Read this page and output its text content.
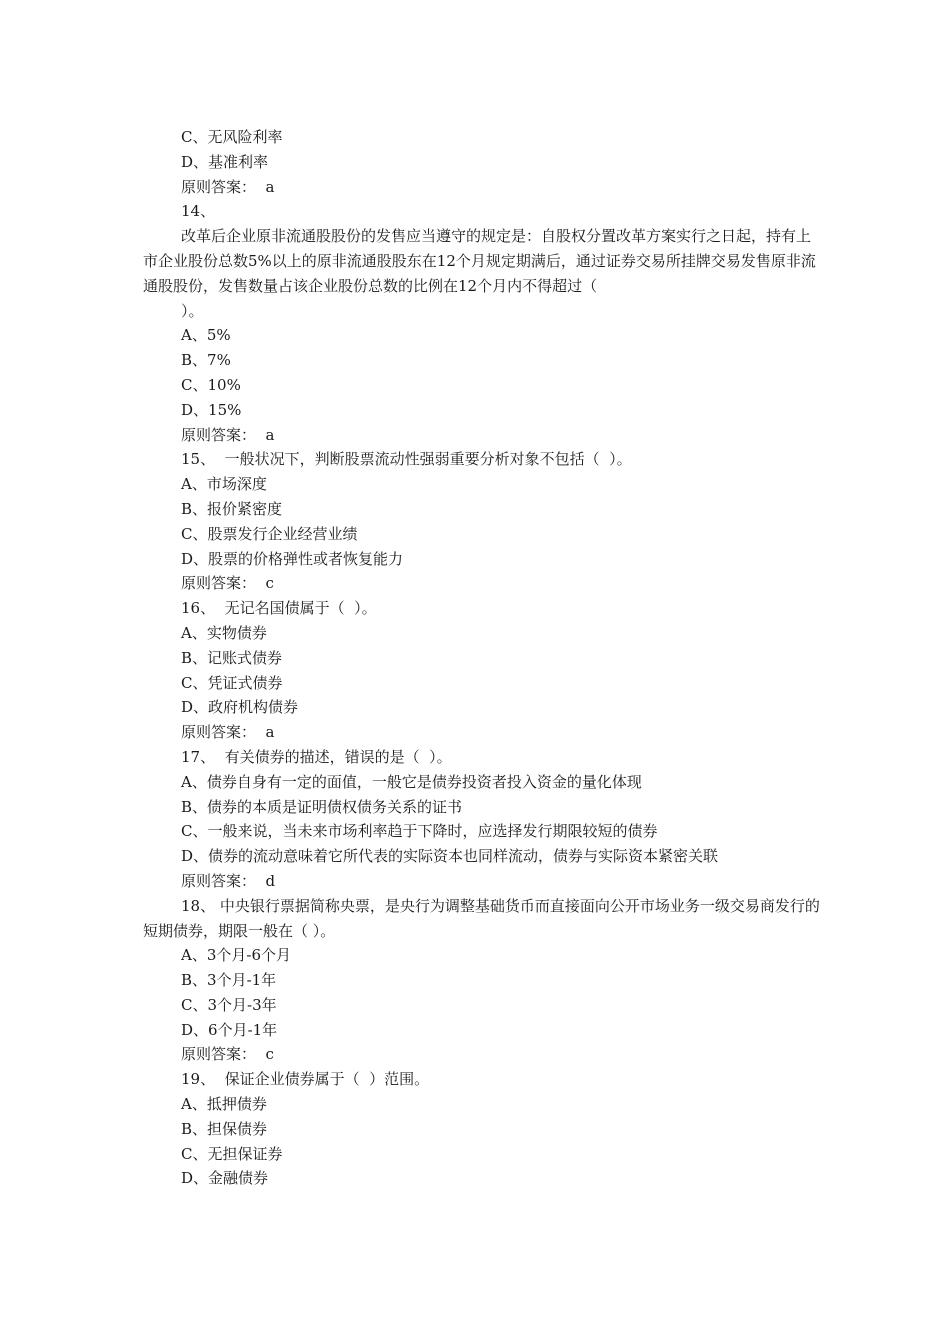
C、无风险利率
D、基准利率
原则答案：  a
14、
改革后企业原非流通股股份的发售应当遵守的规定是：自股权分置改革方案实行之日起，持有上市企业股份总数5%以上的原非流通股股东在12个月规定期满后，通过证券交易所挂牌交易发售原非流通股股份，发售数量占该企业股份总数的比例在12个月内不得超过（
）。
A、5%
B、7%
C、10%
D、15%
原则答案：  a
15、  一般状况下，判断股票流动性强弱重要分析对象不包括（  ）。
A、市场深度
B、报价紧密度
C、股票发行企业经营业绩
D、股票的价格弹性或者恢复能力
原则答案：  c
16、  无记名国债属于（  ）。
A、实物债券
B、记账式债券
C、凭证式债券
D、政府机构债券
原则答案：  a
17、  有关债券的描述，错误的是（  ）。
A、债券自身有一定的面值，一般它是债券投资者投入资金的量化体现
B、债券的本质是证明债权债务关系的证书
C、一般来说，当未来市场利率趋于下降时，应选择发行期限较短的债券
D、债券的流动意味着它所代表的实际资本也同样流动，债券与实际资本紧密关联
原则答案：  d
18、 中央银行票据简称央票，是央行为调整基础货币而直接面向公开市场业务一级交易商发行的短期债券，期限一般在（ ）。
A、3个月-6个月
B、3个月-1年
C、3个月-3年
D、6个月-1年
原则答案：  c
19、  保证企业债券属于（  ）范围。
A、抵押债券
B、担保债券
C、无担保证券
D、金融债券
